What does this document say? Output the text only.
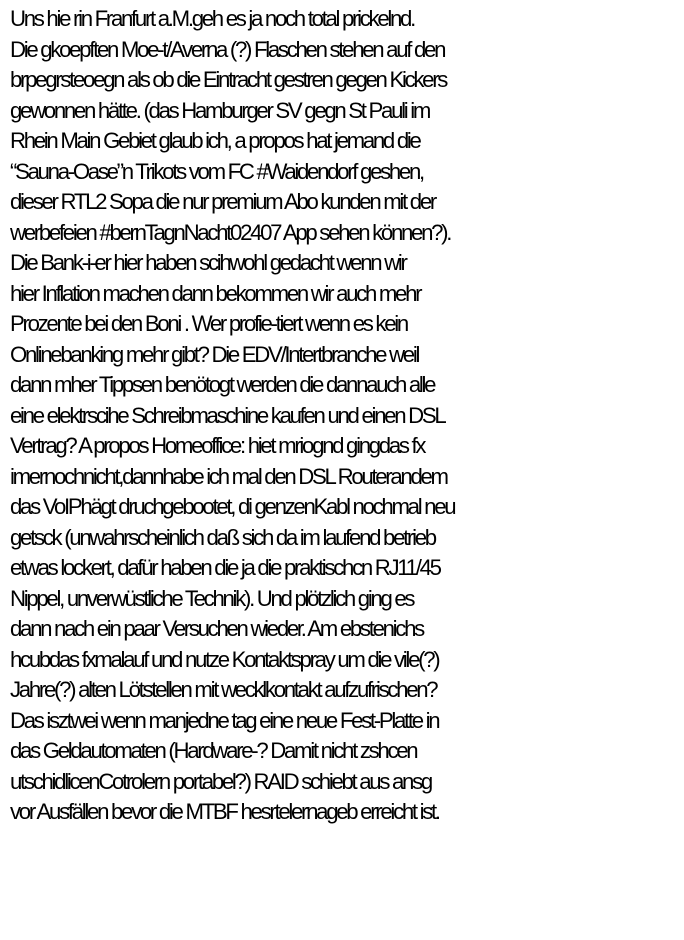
Uns hie rin Franfurt a.M.geh es ja noch total prickelnd.
Die gkoepften Moe-t/Averna (?) Flaschen stehen auf den
brpegrsteoegn als ob die Eintracht gestren gegen Kickers
gewonnen hätte. (das Hamburger SV gegn St Pauli im
Rhein Main Gebiet glaub ich, a propos hat jemand die
“Sauna-Oase”n Trikots vom FC #Waidendorf geshen,
dieser RTL2 Sopa die nur premium Abo kunden mit der
werbefeien #bernTagnNacht02407 App sehen können?).
Die Bank-i-er hier haben scihwohl gedacht wenn wir
hier Inflation machen dann bekommen wir auch mehr
Prozente bei den Boni . Wer profie-tiert wenn es kein
Onlinebanking mehr gibt? Die EDV/Intertbranche weil
dann mher Tippsen benötogt werden die dannauch alle
eine elektrscihe Schreibmaschine kaufen und einen DSL
Vertrag? A propos Homeoffice: hiet mriognd gingdas fx
imernochnicht,dannhabe ich mal den DSL Routerandem
das VoIPhägt druchgebootet, di genzenKabl nochmal neu
getsck (unwahrscheinlich daß sich da im laufend betrieb
etwas lockert, dafür haben die ja die praktischcn RJ11/45
Nippel, unverwüstliche Technik). Und plötzlich ging es
dann nach ein paar Versuchen wieder. Am ebstenichs
hcubdas fxmalauf und nutze Kontaktspray um die vile(?)
Jahre(?) alten Lötstellen mit wecklkontakt aufzufrischen?
Das isztwei wenn manjedne tag eine neue Fest-Platte in
das Geldautomaten (Hardware-? Damit nicht zshcen
utschidlicenCotrolern portabel?) RAID schiebt aus ansg
vor Ausfällen bevor die MTBF hesrtelernageb erreicht ist.
